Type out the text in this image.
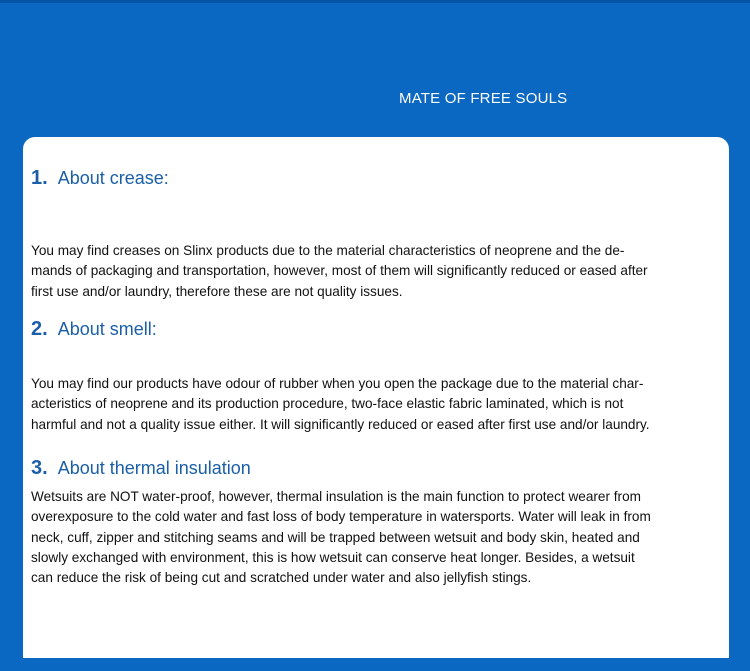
MATE OF FREE SOULS
1. About crease:
You may find creases on Slinx products due to the material characteristics of neoprene and the de-
mands of packaging and transportation, however, most of them will significantly reduced or eased after
first use and/or laundry, therefore these are not quality issues.
2. About smell:
You may find our products have odour of rubber when you open the package due to the material char-
acteristics of neoprene and its production procedure, two-face elastic fabric laminated, which is not
harmful and not a quality issue either. It will significantly reduced or eased after first use and/or laundry.
3. About thermal insulation
Wetsuits are NOT water-proof, however, thermal insulation is the main function to protect wearer from
overexposure to the cold water and fast loss of body temperature in watersports. Water will leak in from
neck, cuff, zipper and stitching seams and will be trapped between wetsuit and body skin, heated and
slowly exchanged with environment, this is how wetsuit can conserve heat longer. Besides, a wetsuit
can reduce the risk of being cut and scratched under water and also jellyfish stings.
